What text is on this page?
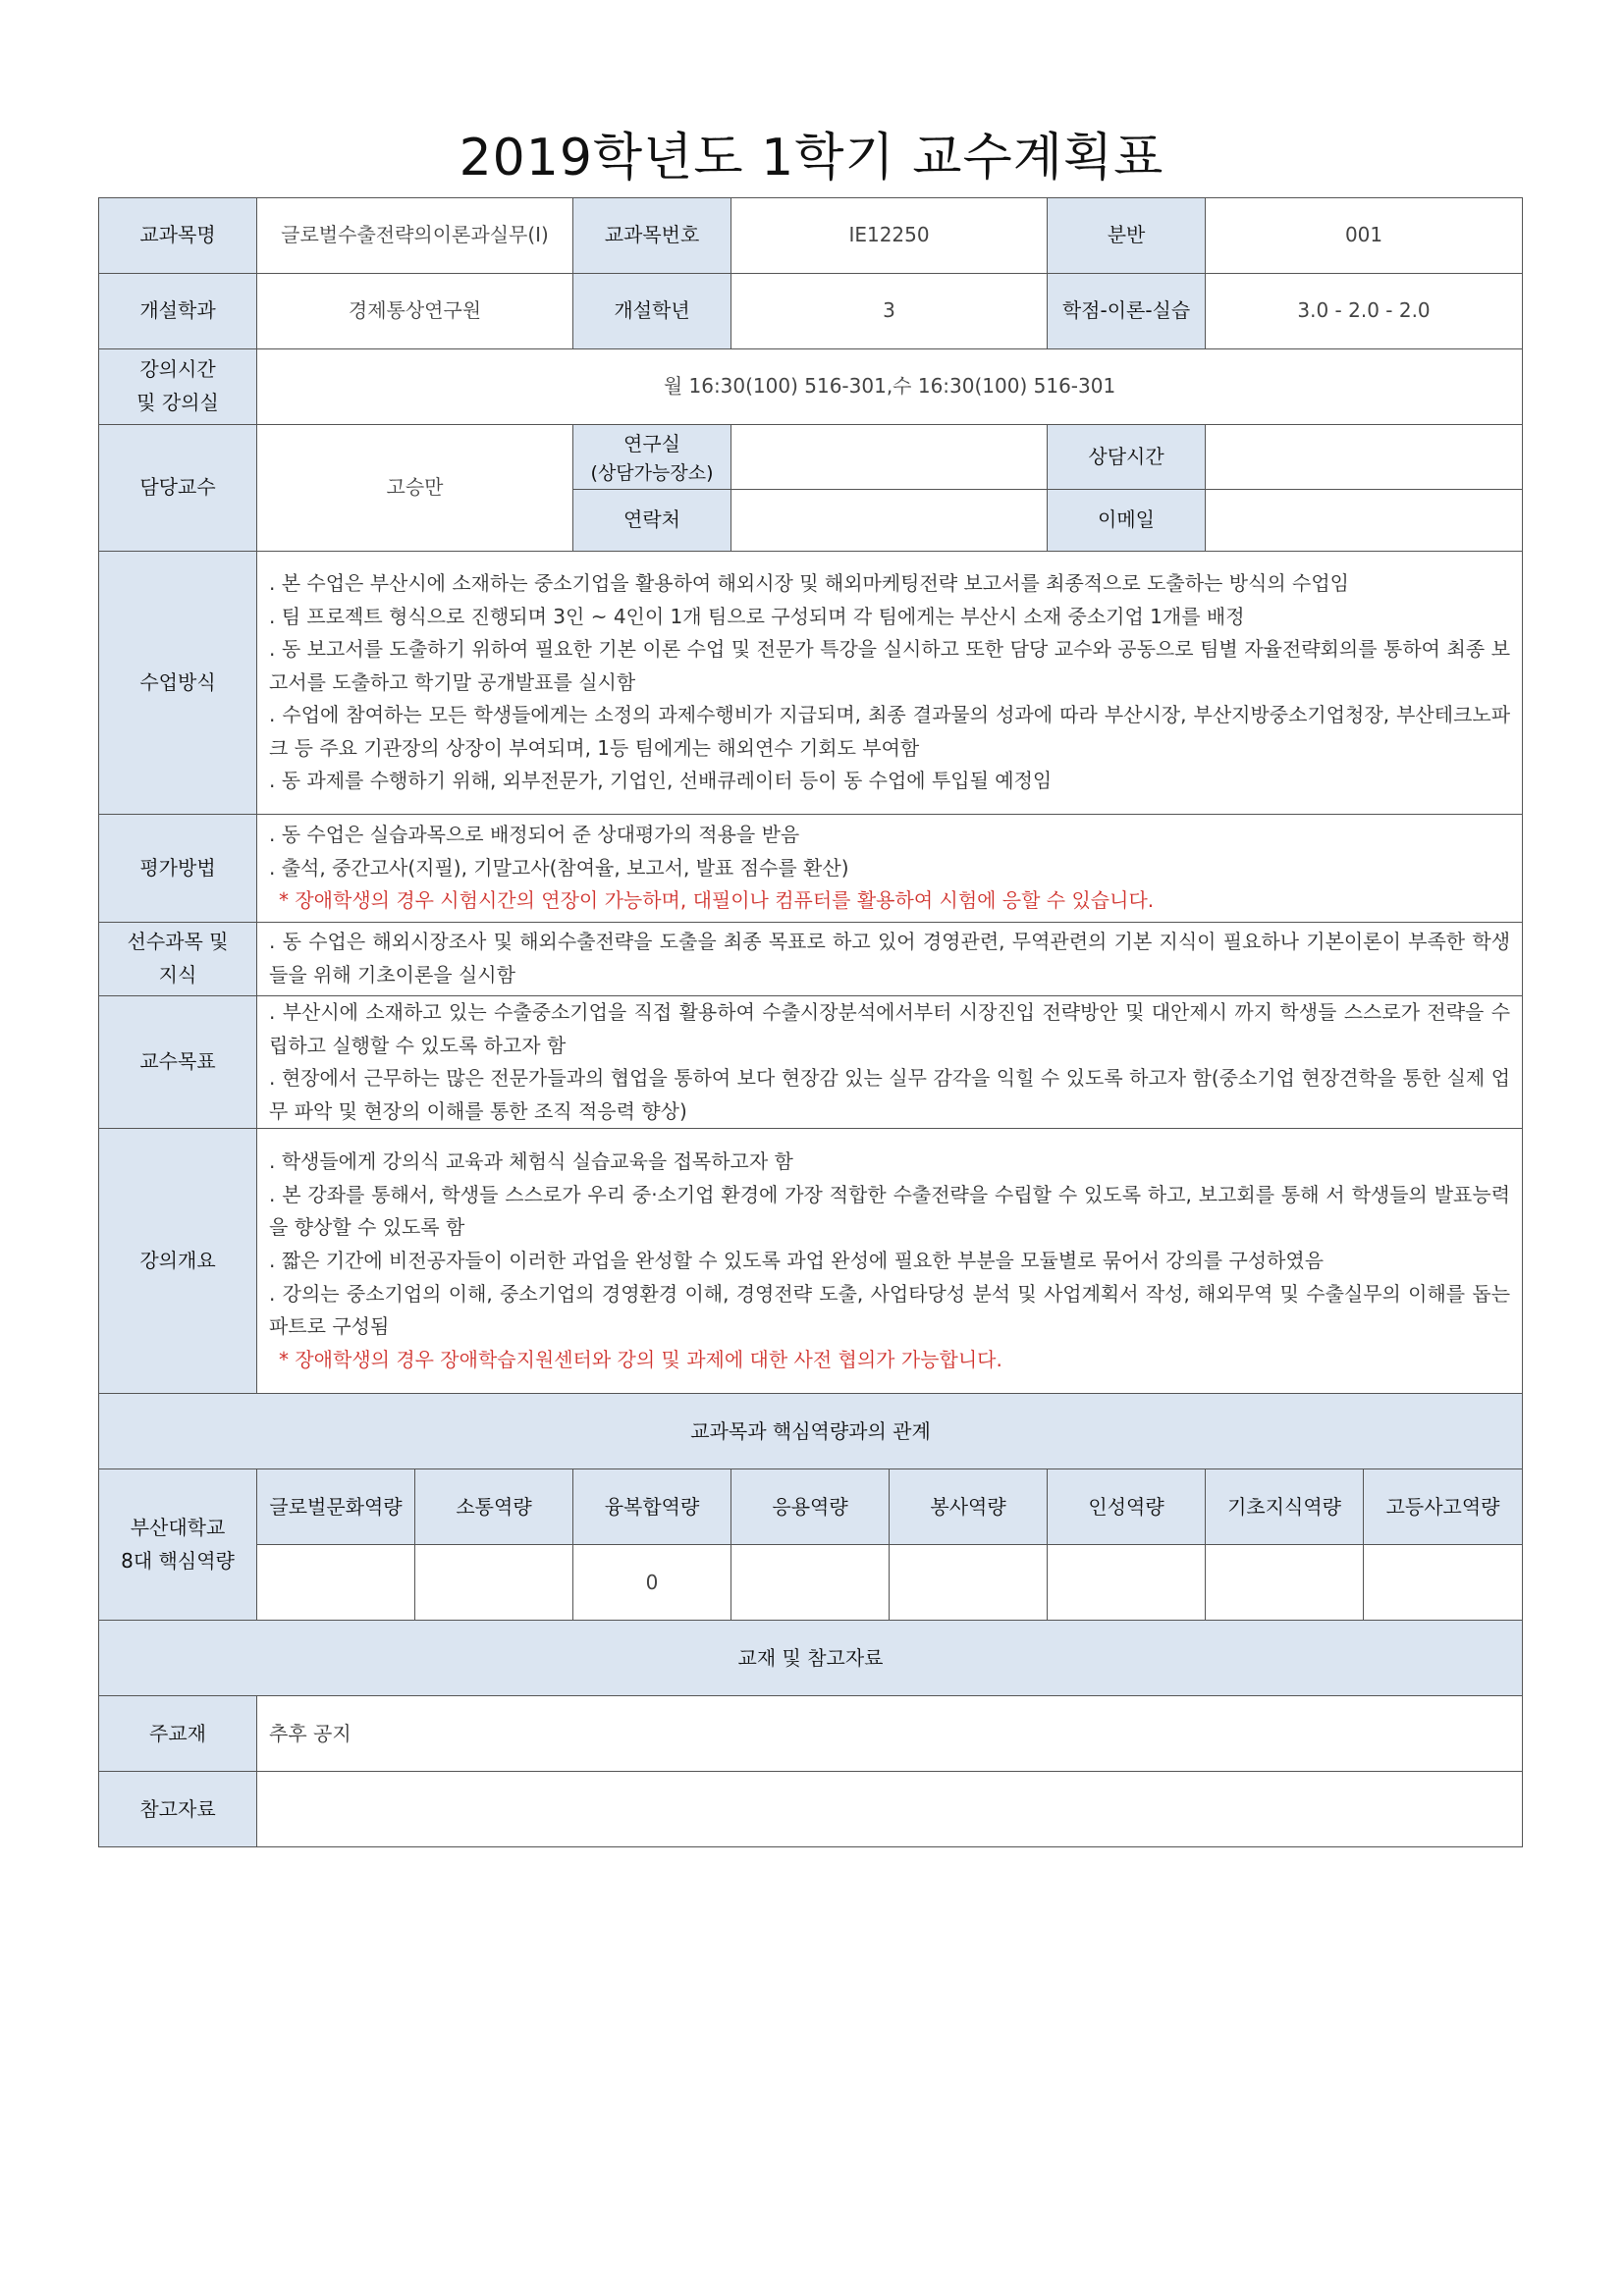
2019학년도 1학기 교수계획표
교과목명	글로벌수출전략의이론과실무(I)		교과목번호	IE12250		분반	001	
개설학과	경제통상연구원		개설학년	3		학점-이론-실습	3.0 - 2.0 - 2.0	

강의시간
및 강의실	월 16:30(100) 516-301,수 16:30(100) 516-301							
담당교수	고승만		연구실
(상담가능장소)			상담시간		
			연락처			이메일		
수업방식	. 본 수업은 부산시에 소재하는 중소기업을 활용하여 해외시장 및 해외마케팅전략 보고서를 최종적으로 도출하는 방식의 수업임
. 팀 프로젝트 형식으로 진행되며 3인 ~ 4인이 1개 팀으로 구성되며 각 팀에게는 부산시 소재 중소기업 1개를 배정
. 동 보고서를 도출하기 위하여 필요한 기본 이론 수업 및 전문가 특강을 실시하고 또한 담당 교수와 공동으로 팀별 자율전략회의를 통하여 최종 보고서를 도출하고 학기말 공개발표를 실시함
. 수업에 참여하는 모든 학생들에게는 소정의 과제수행비가 지급되며, 최종 결과물의 성과에 따라 부산시장, 부산지방중소기업청장, 부산테크노파크 등 주요 기관장의 상장이 부여되며, 1등 팀에게는 해외연수 기회도 부여함
. 동 과제를 수행하기 위해, 외부전문가, 기업인, 선배큐레이터 등이 동 수업에 투입될 예정임							

평가방법	. 동 수업은 실습과목으로 배정되어 준 상대평가의 적용을 받음
. 출석, 중간고사(지필), 기말고사(참여율, 보고서, 발표 점수를 환산)
* 장애학생의 경우 시험시간의 연장이 가능하며, 대필이나 컴퓨터를 활용하여 시험에 응할 수 있습니다.							

선수과목 및
지식	. 동 수업은 해외시장조사 및 해외수출전략을 도출을 최종 목표로 하고 있어 경영관련, 무역관련의 기본 지식이 필요하나 기본이론이 부족한 학생들을 위해 기초이론을 실시함							
교수목표	. 부산시에 소재하고 있는 수출중소기업을 직접 활용하여 수출시장분석에서부터 시장진입 전략방안 및 대안제시 까지 학생들 스스로가 전략을 수립하고 실행할 수 있도록 하고자 함
. 현장에서 근무하는 많은 전문가들과의 협업을 통하여 보다 현장감 있는 실무 감각을 익힐 수 있도록 하고자 함(중소기업 현장견학을 통한 실제 업무 파악 및 현장의 이해를 통한 조직 적응력 향상)							

강의개요	. 학생들에게 강의식 교육과 체험식 실습교육을 접목하고자 함
. 본 강좌를 통해서, 학생들 스스로가 우리 중·소기업 환경에 가장 적합한 수출전략을 수립할 수 있도록 하고, 보고회를 통해 서 학생들의 발표능력을 향상할 수 있도록 함
. 짧은 기간에 비전공자들이 이러한 과업을 완성할 수 있도록 과업 완성에 필요한 부분을 모듈별로 묶어서 강의를 구성하였음
. 강의는 중소기업의 이해, 중소기업의 경영환경 이해, 경영전략 도출, 사업타당성 분석 및 사업계획서 작성, 해외무역 및 수출실무의 이해를 돕는 파트로 구성됨
* 장애학생의 경우 장애학습지원센터와 강의 및 과제에 대한 사전 협의가 가능합니다.							

교과목과 핵심역량과의 관계								

부산대학교
8대 핵심역량	글로벌문화역량	소통역량	융복합역량	응용역량	봉사역량	인성역량	기초지식역량	고등사고역량
			0					
교재 및 참고자료								
주교재	추후 공지							
참고자료								
